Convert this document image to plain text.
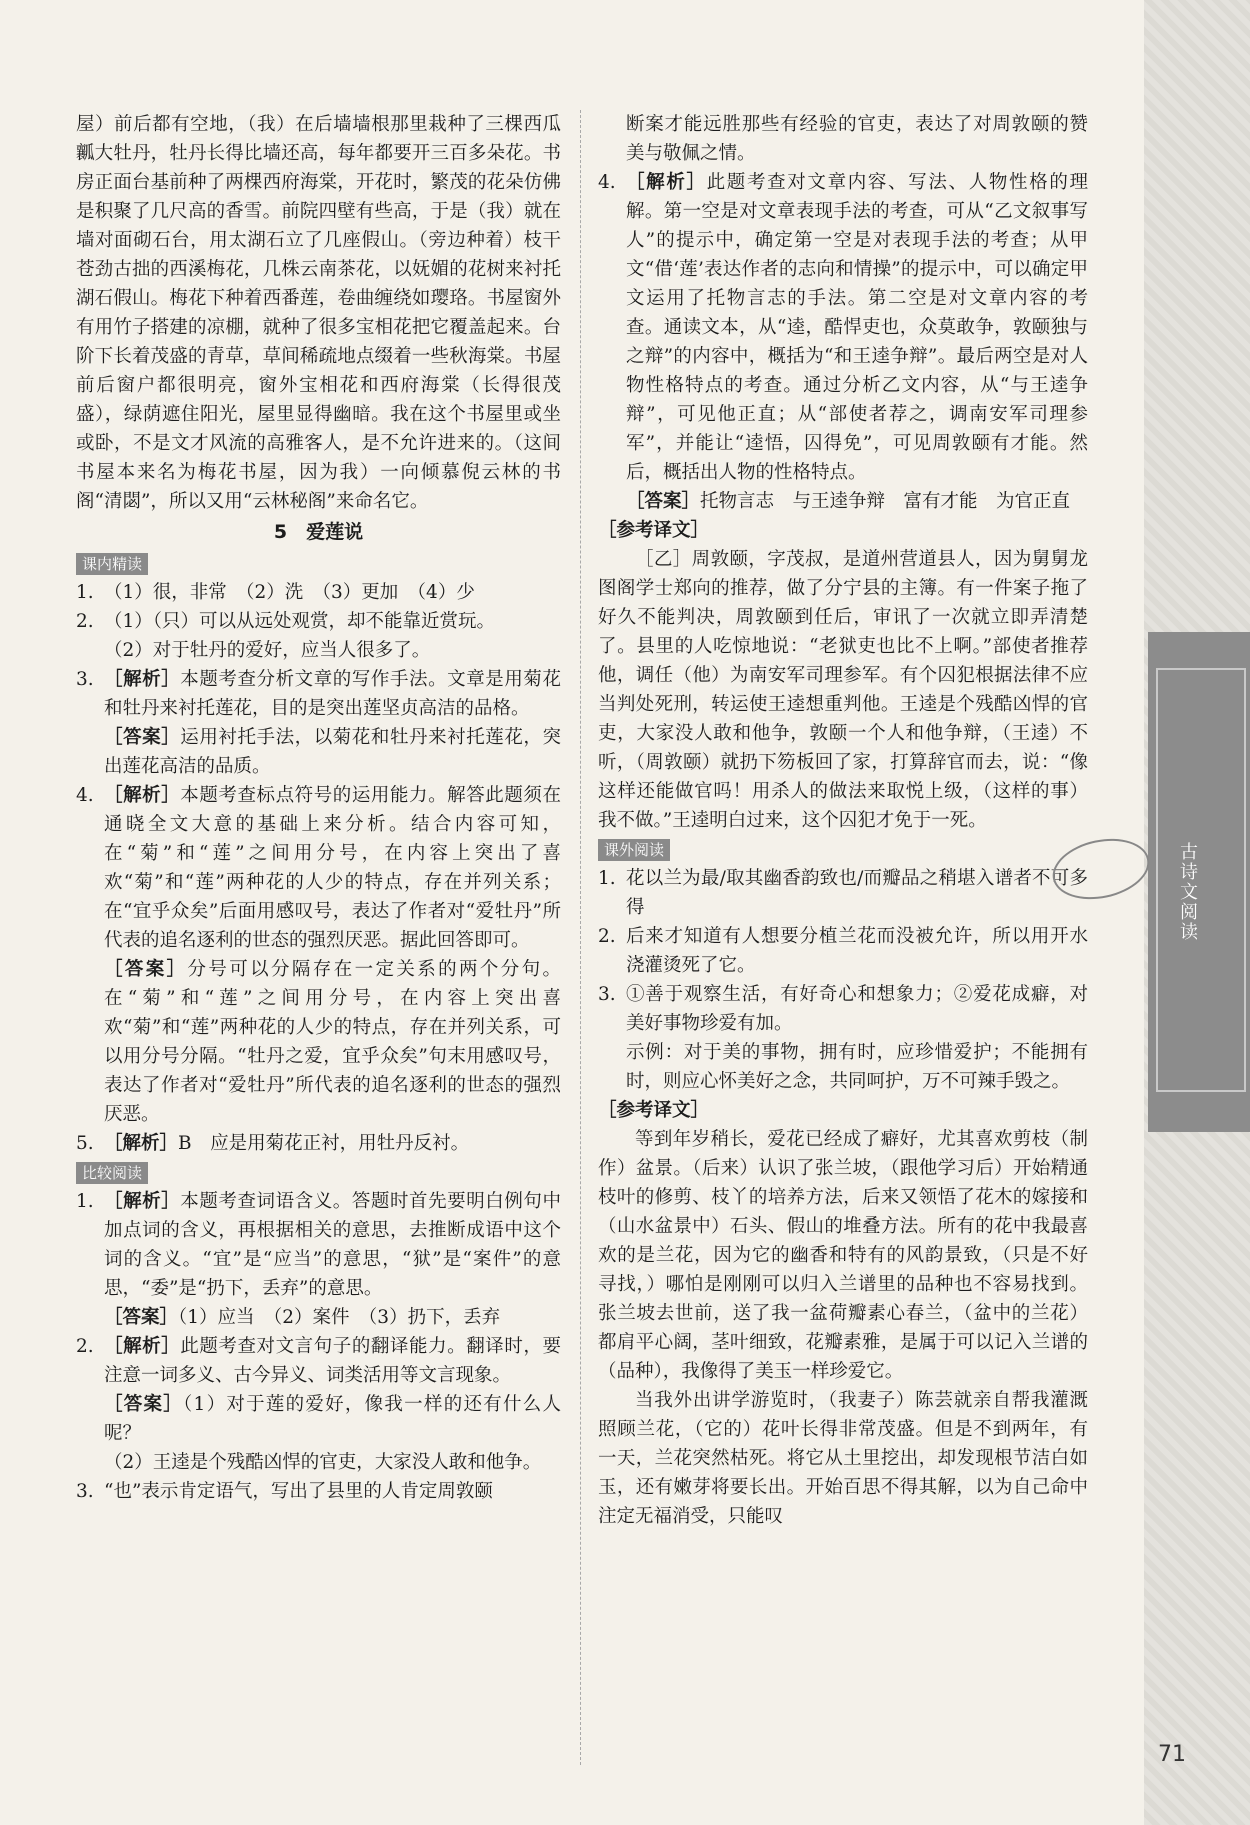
屋）前后都有空地，（我）在后墙墙根那里栽种了三棵西瓜瓤大牡丹，牡丹长得比墙还高，每年都要开三百多朵花。书房正面台基前种了两棵西府海棠，开花时，繁茂的花朵仿佛是积聚了几尺高的香雪。前院四壁有些高，于是（我）就在墙对面砌石台，用太湖石立了几座假山。（旁边种着）枝干苍劲古拙的西溪梅花，几株云南茶花，以妩媚的花树来衬托湖石假山。梅花下种着西番莲，卷曲缠绕如璎珞。书屋窗外有用竹子搭建的凉棚，就种了很多宝相花把它覆盖起来。台阶下长着茂盛的青草，草间稀疏地点缀着一些秋海棠。书屋前后窗户都很明亮，窗外宝相花和西府海棠（长得很茂盛），绿荫遮住阳光，屋里显得幽暗。我在这个书屋里或坐或卧，不是文才风流的高雅客人，是不允许进来的。（这间书屋本来名为梅花书屋，因为我）一向倾慕倪云林的书阁“清閟”，所以又用“云林秘阁”来命名它。

5　爱莲说
课内精读
1. （1）很，非常　（2）洗　（3）更加　（4）少
2. （1）（只）可以从远处观赏，却不能靠近赏玩。
（2）对于牡丹的爱好，应当人很多了。
3. ［解析］本题考查分析文章的写作手法。文章是用菊花和牡丹来衬托莲花，目的是突出莲坚贞高洁的品格。
［答案］运用衬托手法，以菊花和牡丹来衬托莲花，突出莲花高洁的品质。
4. ［解析］本题考查标点符号的运用能力。解答此题须在通晓全文大意的基础上来分析。结合内容可知，在“菊”和“莲”之间用分号，在内容上突出了喜欢“菊”和“莲”两种花的人少的特点，存在并列关系；在“宜乎众矣”后面用感叹号，表达了作者对“爱牡丹”所代表的追名逐利的世态的强烈厌恶。据此回答即可。
［答案］分号可以分隔存在一定关系的两个分句。在“菊”和“莲”之间用分号，在内容上突出喜欢“菊”和“莲”两种花的人少的特点，存在并列关系，可以用分号分隔。“牡丹之爱，宜乎众矣”句末用感叹号，表达了作者对“爱牡丹”所代表的追名逐利的世态的强烈厌恶。
5. ［解析］B　应是用菊花正衬，用牡丹反衬。
比较阅读
1. ［解析］本题考查词语含义。答题时首先要明白例句中加点词的含义，再根据相关的意思，去推断成语中这个词的含义。“宜”是“应当”的意思，“狱”是“案件”的意思，“委”是“扔下，丢弃”的意思。
［答案］（1）应当　（2）案件　（3）扔下，丢弃
2. ［解析］此题考查对文言句子的翻译能力。翻译时，要注意一词多义、古今异义、词类活用等文言现象。
［答案］（1）对于莲的爱好，像我一样的还有什么人呢？
（2）王逵是个残酷凶悍的官吏，大家没人敢和他争。
3. “也”表示肯定语气，写出了县里的人肯定周敦颐
断案才能远胜那些有经验的官吏，表达了对周敦颐的赞美与敬佩之情。
4. ［解析］此题考查对文章内容、写法、人物性格的理解。第一空是对文章表现手法的考查，可从“乙文叙事写人”的提示中，确定第一空是对表现手法的考查；从甲文“借‘莲’表达作者的志向和情操”的提示中，可以确定甲文运用了托物言志的手法。第二空是对文章内容的考查。通读文本，从“逵，酷悍吏也，众莫敢争，敦颐独与之辩”的内容中，概括为“和王逵争辩”。最后两空是对人物性格特点的考查。通过分析乙文内容，从“与王逵争辩”，可见他正直；从“部使者荐之，调南安军司理参军”，并能让“逵悟，囚得免”，可见周敦颐有才能。然后，概括出人物的性格特点。
［答案］托物言志　与王逵争辩　富有才能　为官正直
［参考译文］

［乙］周敦颐，字茂叔，是道州营道县人，因为舅舅龙图阁学士郑向的推荐，做了分宁县的主簿。有一件案子拖了好久不能判决，周敦颐到任后，审讯了一次就立即弄清楚了。县里的人吃惊地说：“老狱吏也比不上啊。”部使者推荐他，调任（他）为南安军司理参军。有个囚犯根据法律不应当判处死刑，转运使王逵想重判他。王逵是个残酷凶悍的官吏，大家没人敢和他争，敦颐一个人和他争辩，（王逵）不听，（周敦颐）就扔下笏板回了家，打算辞官而去，说：“像这样还能做官吗！用杀人的做法来取悦上级，（这样的事）我不做。”王逵明白过来，这个囚犯才免于一死。

课外阅读
1. 花以兰为最/取其幽香韵致也/而瓣品之稍堪入谱者不可多得
2. 后来才知道有人想要分植兰花而没被允许，所以用开水浇灌烫死了它。
3. ①善于观察生活，有好奇心和想象力；②爱花成癖，对美好事物珍爱有加。
示例：对于美的事物，拥有时，应珍惜爱护；不能拥有时，则应心怀美好之念，共同呵护，万不可辣手毁之。
［参考译文］

等到年岁稍长，爱花已经成了癖好，尤其喜欢剪枝（制作）盆景。（后来）认识了张兰坡，（跟他学习后）开始精通枝叶的修剪、枝丫的培养方法，后来又领悟了花木的嫁接和（山水盆景中）石头、假山的堆叠方法。所有的花中我最喜欢的是兰花，因为它的幽香和特有的风韵景致，（只是不好寻找，）哪怕是刚刚可以归入兰谱里的品种也不容易找到。张兰坡去世前，送了我一盆荷瓣素心春兰，（盆中的兰花）都肩平心阔，茎叶细致，花瓣素雅，是属于可以记入兰谱的（品种），我像得了美玉一样珍爱它。

当我外出讲学游览时，（我妻子）陈芸就亲自帮我灌溉照顾兰花，（它的）花叶长得非常茂盛。但是不到两年，有一天，兰花突然枯死。将它从土里挖出，却发现根节洁白如玉，还有嫩芽将要长出。开始百思不得其解，以为自己命中注定无福消受，只能叹

古诗文阅读
71
